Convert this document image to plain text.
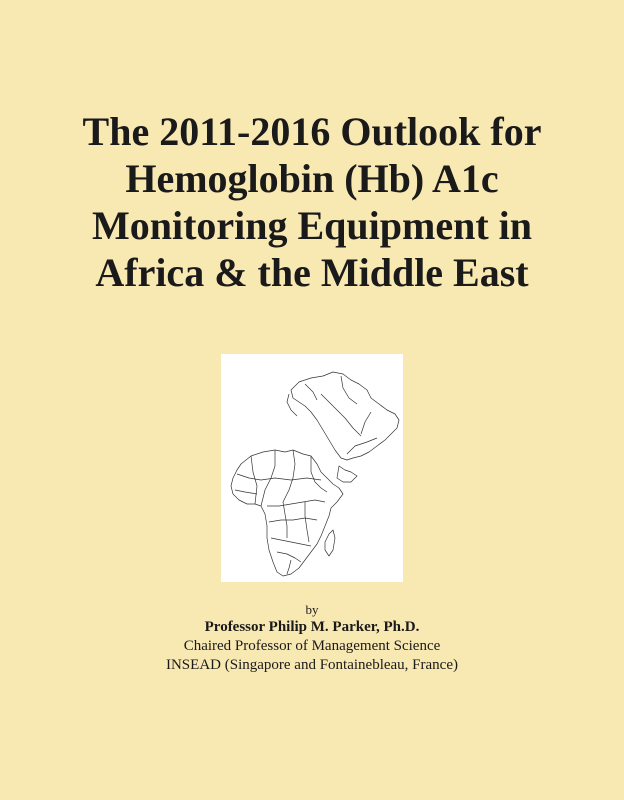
The 2011-2016 Outlook for
Hemoglobin (Hb) A1c
Monitoring Equipment in
Africa & the Middle East
by
Professor Philip M. Parker, Ph.D.
Chaired Professor of Management Science
INSEAD (Singapore and Fontainebleau, France)
